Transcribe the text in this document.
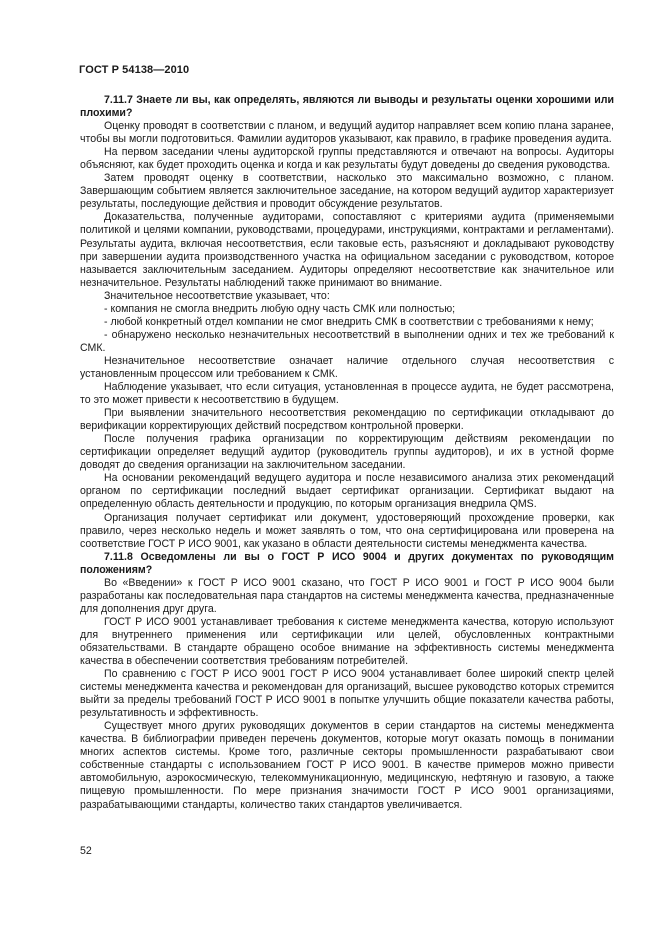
ГОСТ Р 54138—2010

7.11.7 Знаете ли вы, как определять, являются ли выводы и результаты оценки хорошими или плохими?

Оценку проводят в соответствии с планом, и ведущий аудитор направляет всем копию плана заранее, чтобы вы могли подготовиться. Фамилии аудиторов указывают, как правило, в графике проведения аудита.

На первом заседании члены аудиторской группы представляются и отвечают на вопросы. Аудиторы объясняют, как будет проходить оценка и когда и как результаты будут доведены до сведения руководства.

Затем проводят оценку в соответствии, насколько это максимально возможно, с планом. Завершающим событием является заключительное заседание, на котором ведущий аудитор характеризует результаты, последующие действия и проводит обсуждение результатов.

Доказательства, полученные аудиторами, сопоставляют с критериями аудита (применяемыми политикой и целями компании, руководствами, процедурами, инструкциями, контрактами и регламентами). Результаты аудита, включая несоответствия, если таковые есть, разъясняют и докладывают руководству при завершении аудита производственного участка на официальном заседании с руководством, которое называется заключительным заседанием. Аудиторы определяют несоответствие как значительное или незначительное. Результаты наблюдений также принимают во внимание.

Значительное несоответствие указывает, что:

- компания не смогла внедрить любую одну часть СМК или полностью;

- любой конкретный отдел компании не смог внедрить СМК в соответствии с требованиями к нему;

- обнаружено несколько незначительных несоответствий в выполнении одних и тех же требований к СМК.

Незначительное несоответствие означает наличие отдельного случая несоответствия с установленным процессом или требованием к СМК.

Наблюдение указывает, что если ситуация, установленная в процессе аудита, не будет рассмотрена, то это может привести к несоответствию в будущем.

При выявлении значительного несоответствия рекомендацию по сертификации откладывают до верификации корректирующих действий посредством контрольной проверки.

После получения графика организации по корректирующим действиям рекомендации по сертификации определяет ведущий аудитор (руководитель группы аудиторов), и их в устной форме доводят до сведения организации на заключительном заседании.

На основании рекомендаций ведущего аудитора и после независимого анализа этих рекомендаций органом по сертификации последний выдает сертификат организации. Сертификат выдают на определенную область деятельности и продукцию, по которым организация внедрила QMS.

Организация получает сертификат или документ, удостоверяющий прохождение проверки, как правило, через несколько недель и может заявлять о том, что она сертифицирована или проверена на соответствие ГОСТ Р ИСО 9001, как указано в области деятельности системы менеджмента качества.

7.11.8 Осведомлены ли вы о ГОСТ Р ИСО 9004 и других документах по руководящим положениям?

Во «Введении» к ГОСТ Р ИСО 9001 сказано, что ГОСТ Р ИСО 9001 и ГОСТ Р ИСО 9004 были разработаны как последовательная пара стандартов на системы менеджмента качества, предназначенные для дополнения друг друга.

ГОСТ Р ИСО 9001 устанавливает требования к системе менеджмента качества, которую используют для внутреннего применения или сертификации или целей, обусловленных контрактными обязательствами. В стандарте обращено особое внимание на эффективность системы менеджмента качества в обеспечении соответствия требованиям потребителей.

По сравнению с ГОСТ Р ИСО 9001 ГОСТ Р ИСО 9004 устанавливает более широкий спектр целей системы менеджмента качества и рекомендован для организаций, высшее руководство которых стремится выйти за пределы требований ГОСТ Р ИСО 9001 в попытке улучшить общие показатели качества работы, результативность и эффективность.

Существует много других руководящих документов в серии стандартов на системы менеджмента качества. В библиографии приведен перечень документов, которые могут оказать помощь в понимании многих аспектов системы. Кроме того, различные секторы промышленности разрабатывают свои собственные стандарты с использованием ГОСТ Р ИСО 9001. В качестве примеров можно привести автомобильную, аэрокосмическую, телекоммуникационную, медицинскую, нефтяную и газовую, а также пищевую промышленности. По мере признания значимости ГОСТ Р ИСО 9001 организациями, разрабатывающими стандарты, количество таких стандартов увеличивается.

52
